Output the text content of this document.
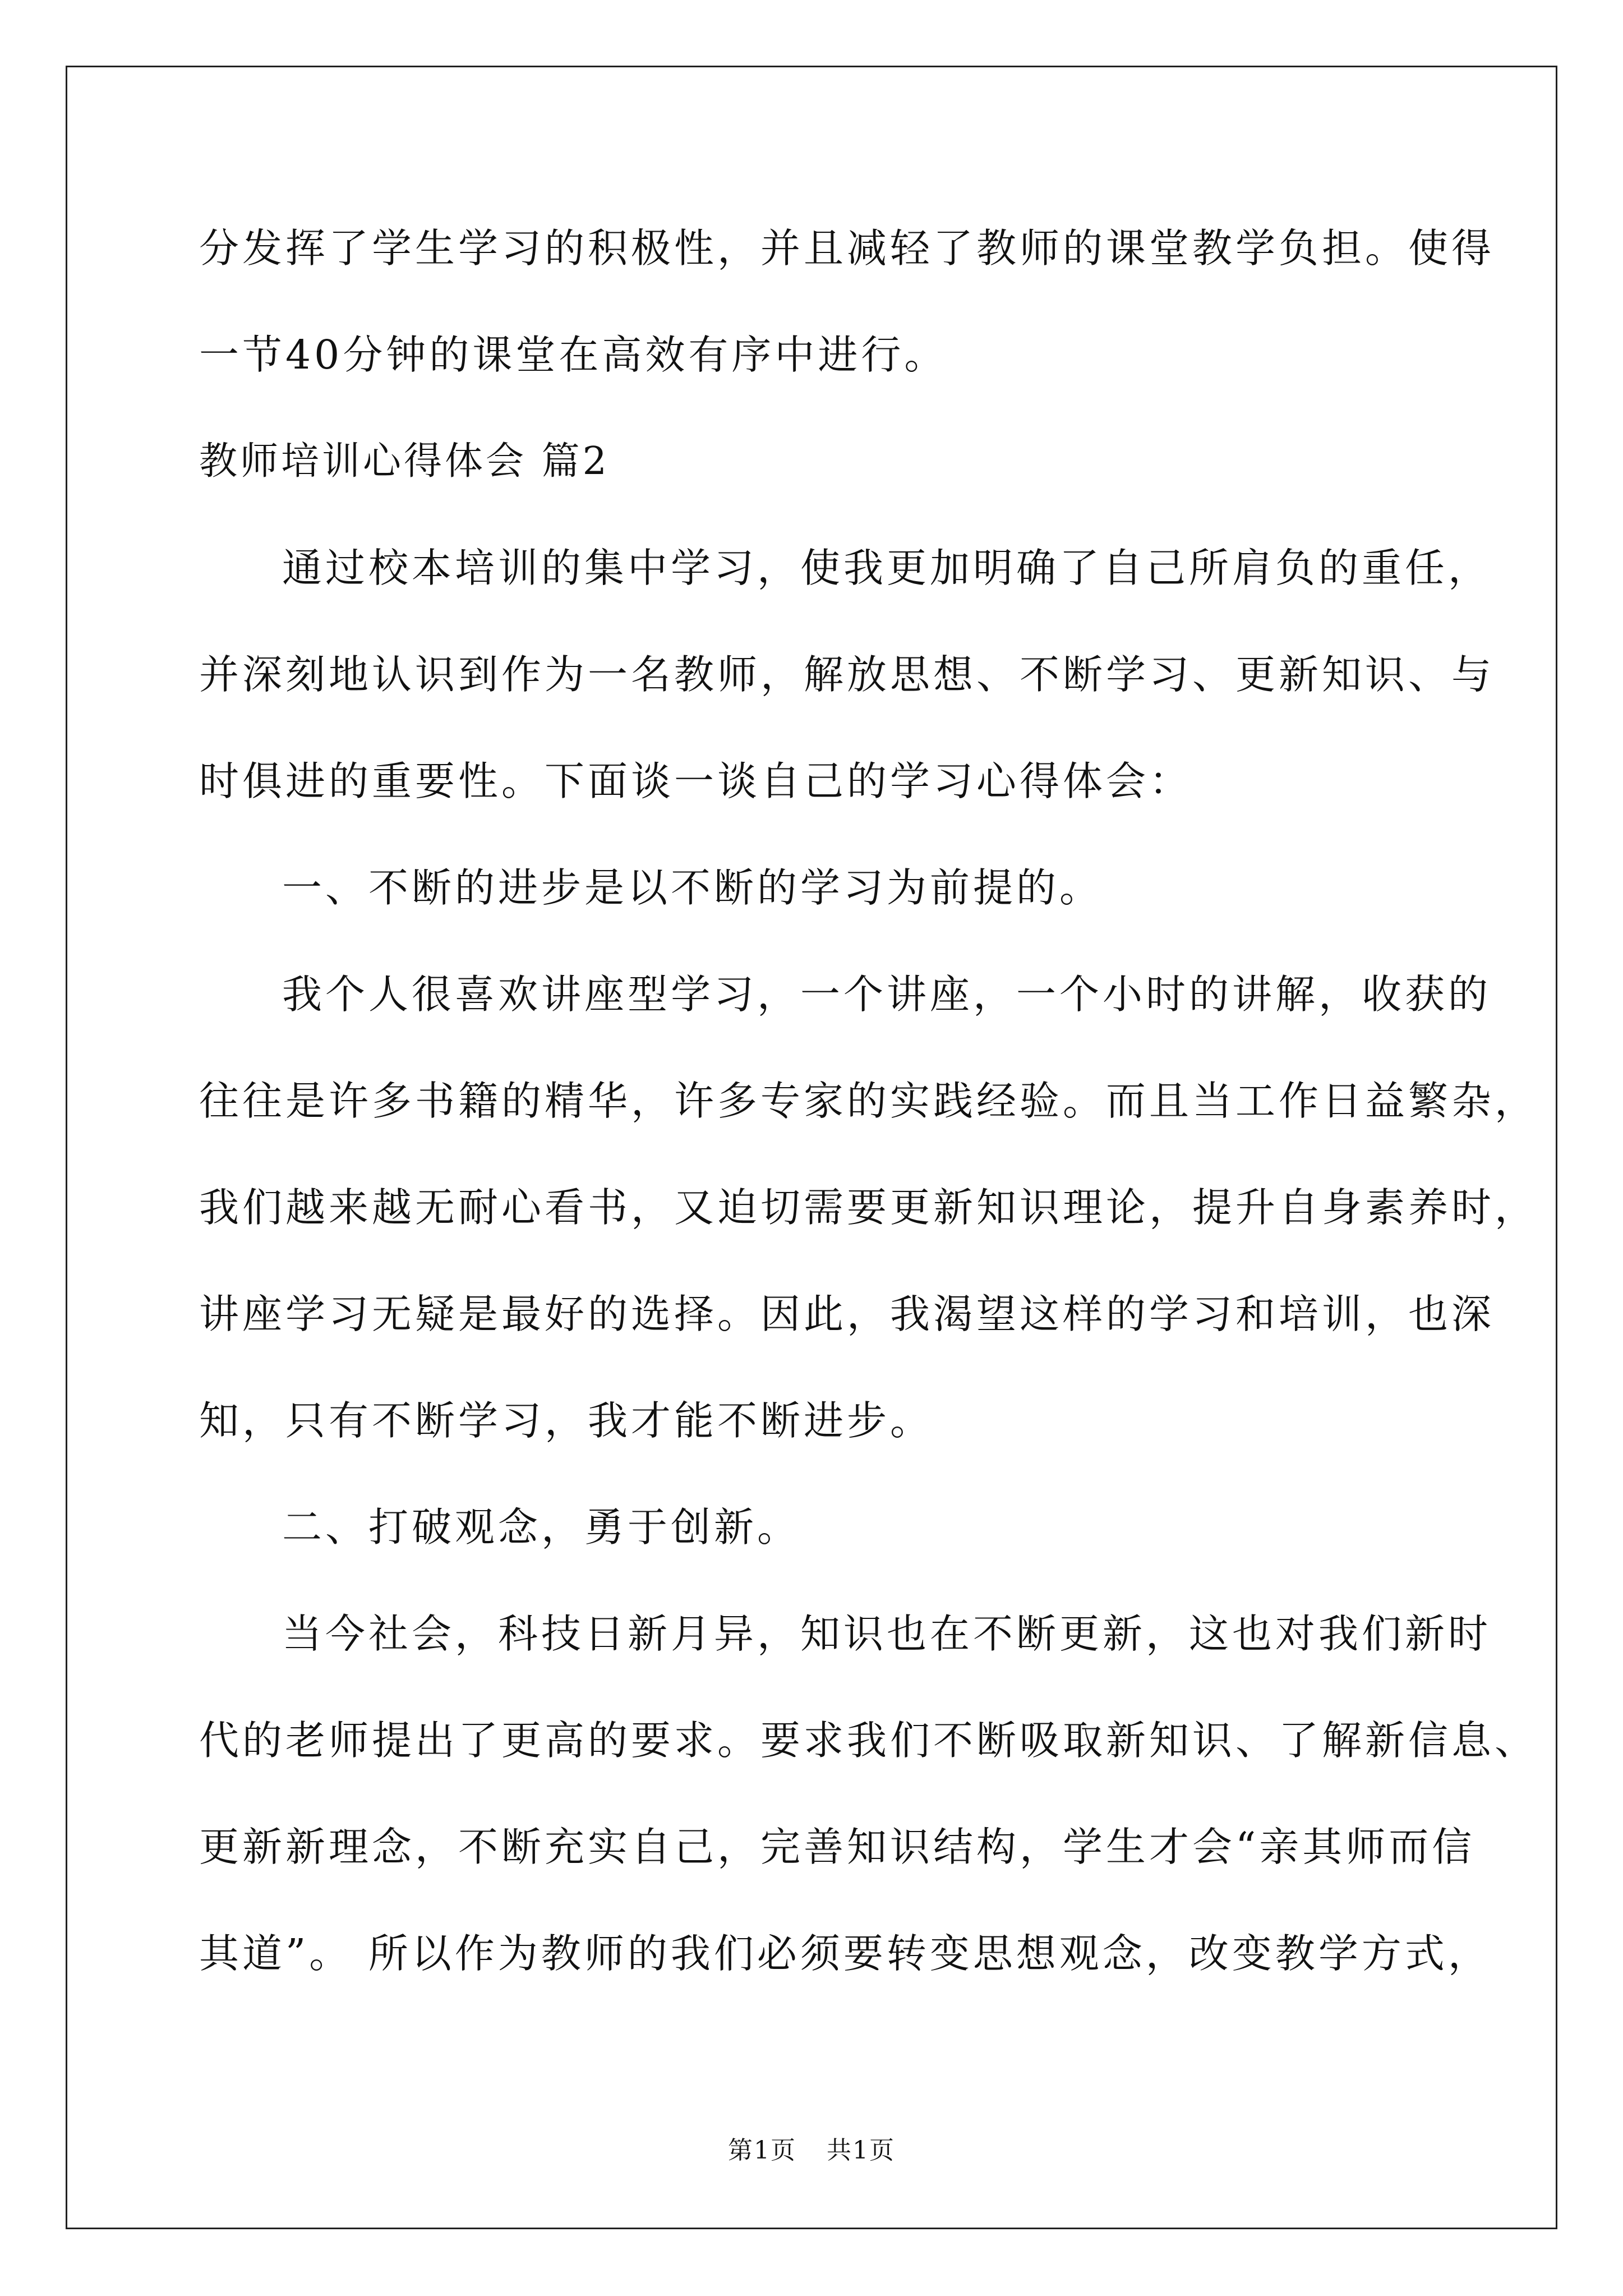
分发挥了学生学习的积极性，并且减轻了教师的课堂教学负担。使得
一节40分钟的课堂在高效有序中进行。
教师培训心得体会 篇2
通过校本培训的集中学习，使我更加明确了自己所肩负的重任，
并深刻地认识到作为一名教师，解放思想、不断学习、更新知识、与
时俱进的重要性。下面谈一谈自己的学习心得体会：
一、不断的进步是以不断的学习为前提的。
我个人很喜欢讲座型学习，一个讲座，一个小时的讲解，收获的
往往是许多书籍的精华，许多专家的实践经验。而且当工作日益繁杂，
我们越来越无耐心看书，又迫切需要更新知识理论，提升自身素养时，
讲座学习无疑是最好的选择。因此，我渴望这样的学习和培训，也深
知，只有不断学习，我才能不断进步。
二、打破观念，勇于创新。
当今社会，科技日新月异，知识也在不断更新，这也对我们新时
代的老师提出了更高的要求。要求我们不断吸取新知识、了解新信息、
更新新理念，不断充实自己，完善知识结构，学生才会“亲其师而信
其道”。 所以作为教师的我们必须要转变思想观念，改变教学方式，
第1页 共1页
